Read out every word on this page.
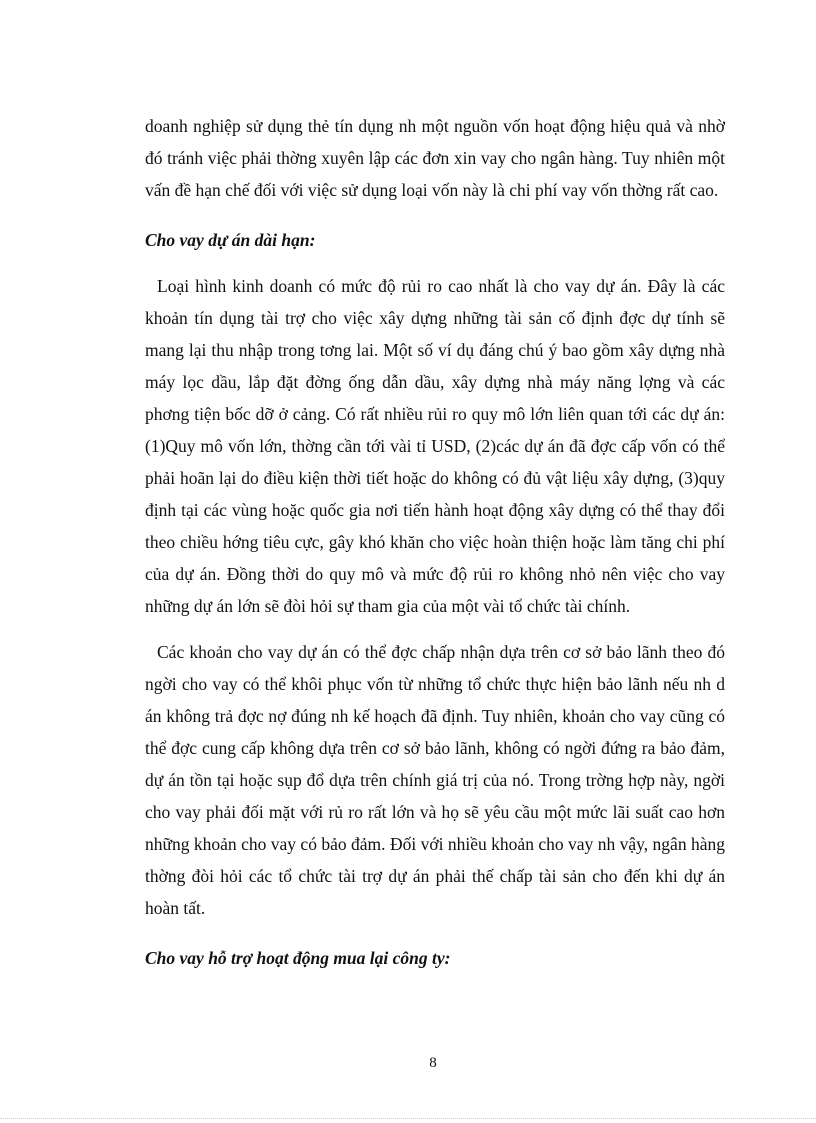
doanh nghiệp sử dụng thẻ tín dụng nh một nguồn vốn hoạt động hiệu quả và nhờ đó tránh việc phải thờng xuyên lập các đơn xin vay cho ngân hàng. Tuy nhiên một vấn đề hạn chế đối với việc sử dụng loại vốn này là chi phí vay vốn thờng rất cao.

Cho vay dự án dài hạn:

Loại hình kinh doanh có mức độ rủi ro cao nhất là cho vay dự án. Đây là các khoản tín dụng tài trợ cho việc xây dựng những tài sản cố định đợc dự tính sẽ mang lại thu nhập trong tơng lai. Một số ví dụ đáng chú ý bao gồm xây dựng nhà máy lọc dầu, lắp đặt đờng ống dẫn dầu, xây dựng nhà máy năng lợng và các phơng tiện bốc dỡ ở cảng. Có rất nhiều rủi ro quy mô lớn liên quan tới các dự án: (1)Quy mô vốn lớn, thờng cần tới vài tỉ USD, (2)các dự án đã đợc cấp vốn có thể phải hoãn lại do điều kiện thời tiết hoặc do không có đủ vật liệu xây dựng, (3)quy định tại các vùng hoặc quốc gia nơi tiến hành hoạt động xây dựng có thể thay đổi theo chiều hớng tiêu cực, gây khó khăn cho việc hoàn thiện hoặc làm tăng chi phí của dự án. Đồng thời do quy mô và mức độ rủi ro không nhỏ nên việc cho vay những dự án lớn sẽ đòi hỏi sự tham gia của một vài tổ chức tài chính.

Các khoản cho vay dự án có thể đợc chấp nhận dựa trên cơ sở bảo lãnh theo đó ngời cho vay có thể khôi phục vốn từ những tổ chức thực hiện bảo lãnh nếu nh d án không trả đợc nợ đúng nh kế hoạch đã định. Tuy nhiên, khoản cho vay cũng có thể đợc cung cấp không dựa trên cơ sở bảo lãnh, không có ngời đứng ra bảo đảm, dự án tồn tại hoặc sụp đổ dựa trên chính giá trị của nó. Trong trờng hợp này, ngời cho vay phải đối mặt với rủ ro rất lớn và họ sẽ yêu cầu một mức lãi suất cao hơn những khoản cho vay có bảo đảm. Đối với nhiều khoản cho vay nh vậy, ngân hàng thờng đòi hỏi các tổ chức tài trợ dự án phải thế chấp tài sản cho đến khi dự án hoàn tất.

Cho vay hỗ trợ hoạt động mua lại công ty:

8
